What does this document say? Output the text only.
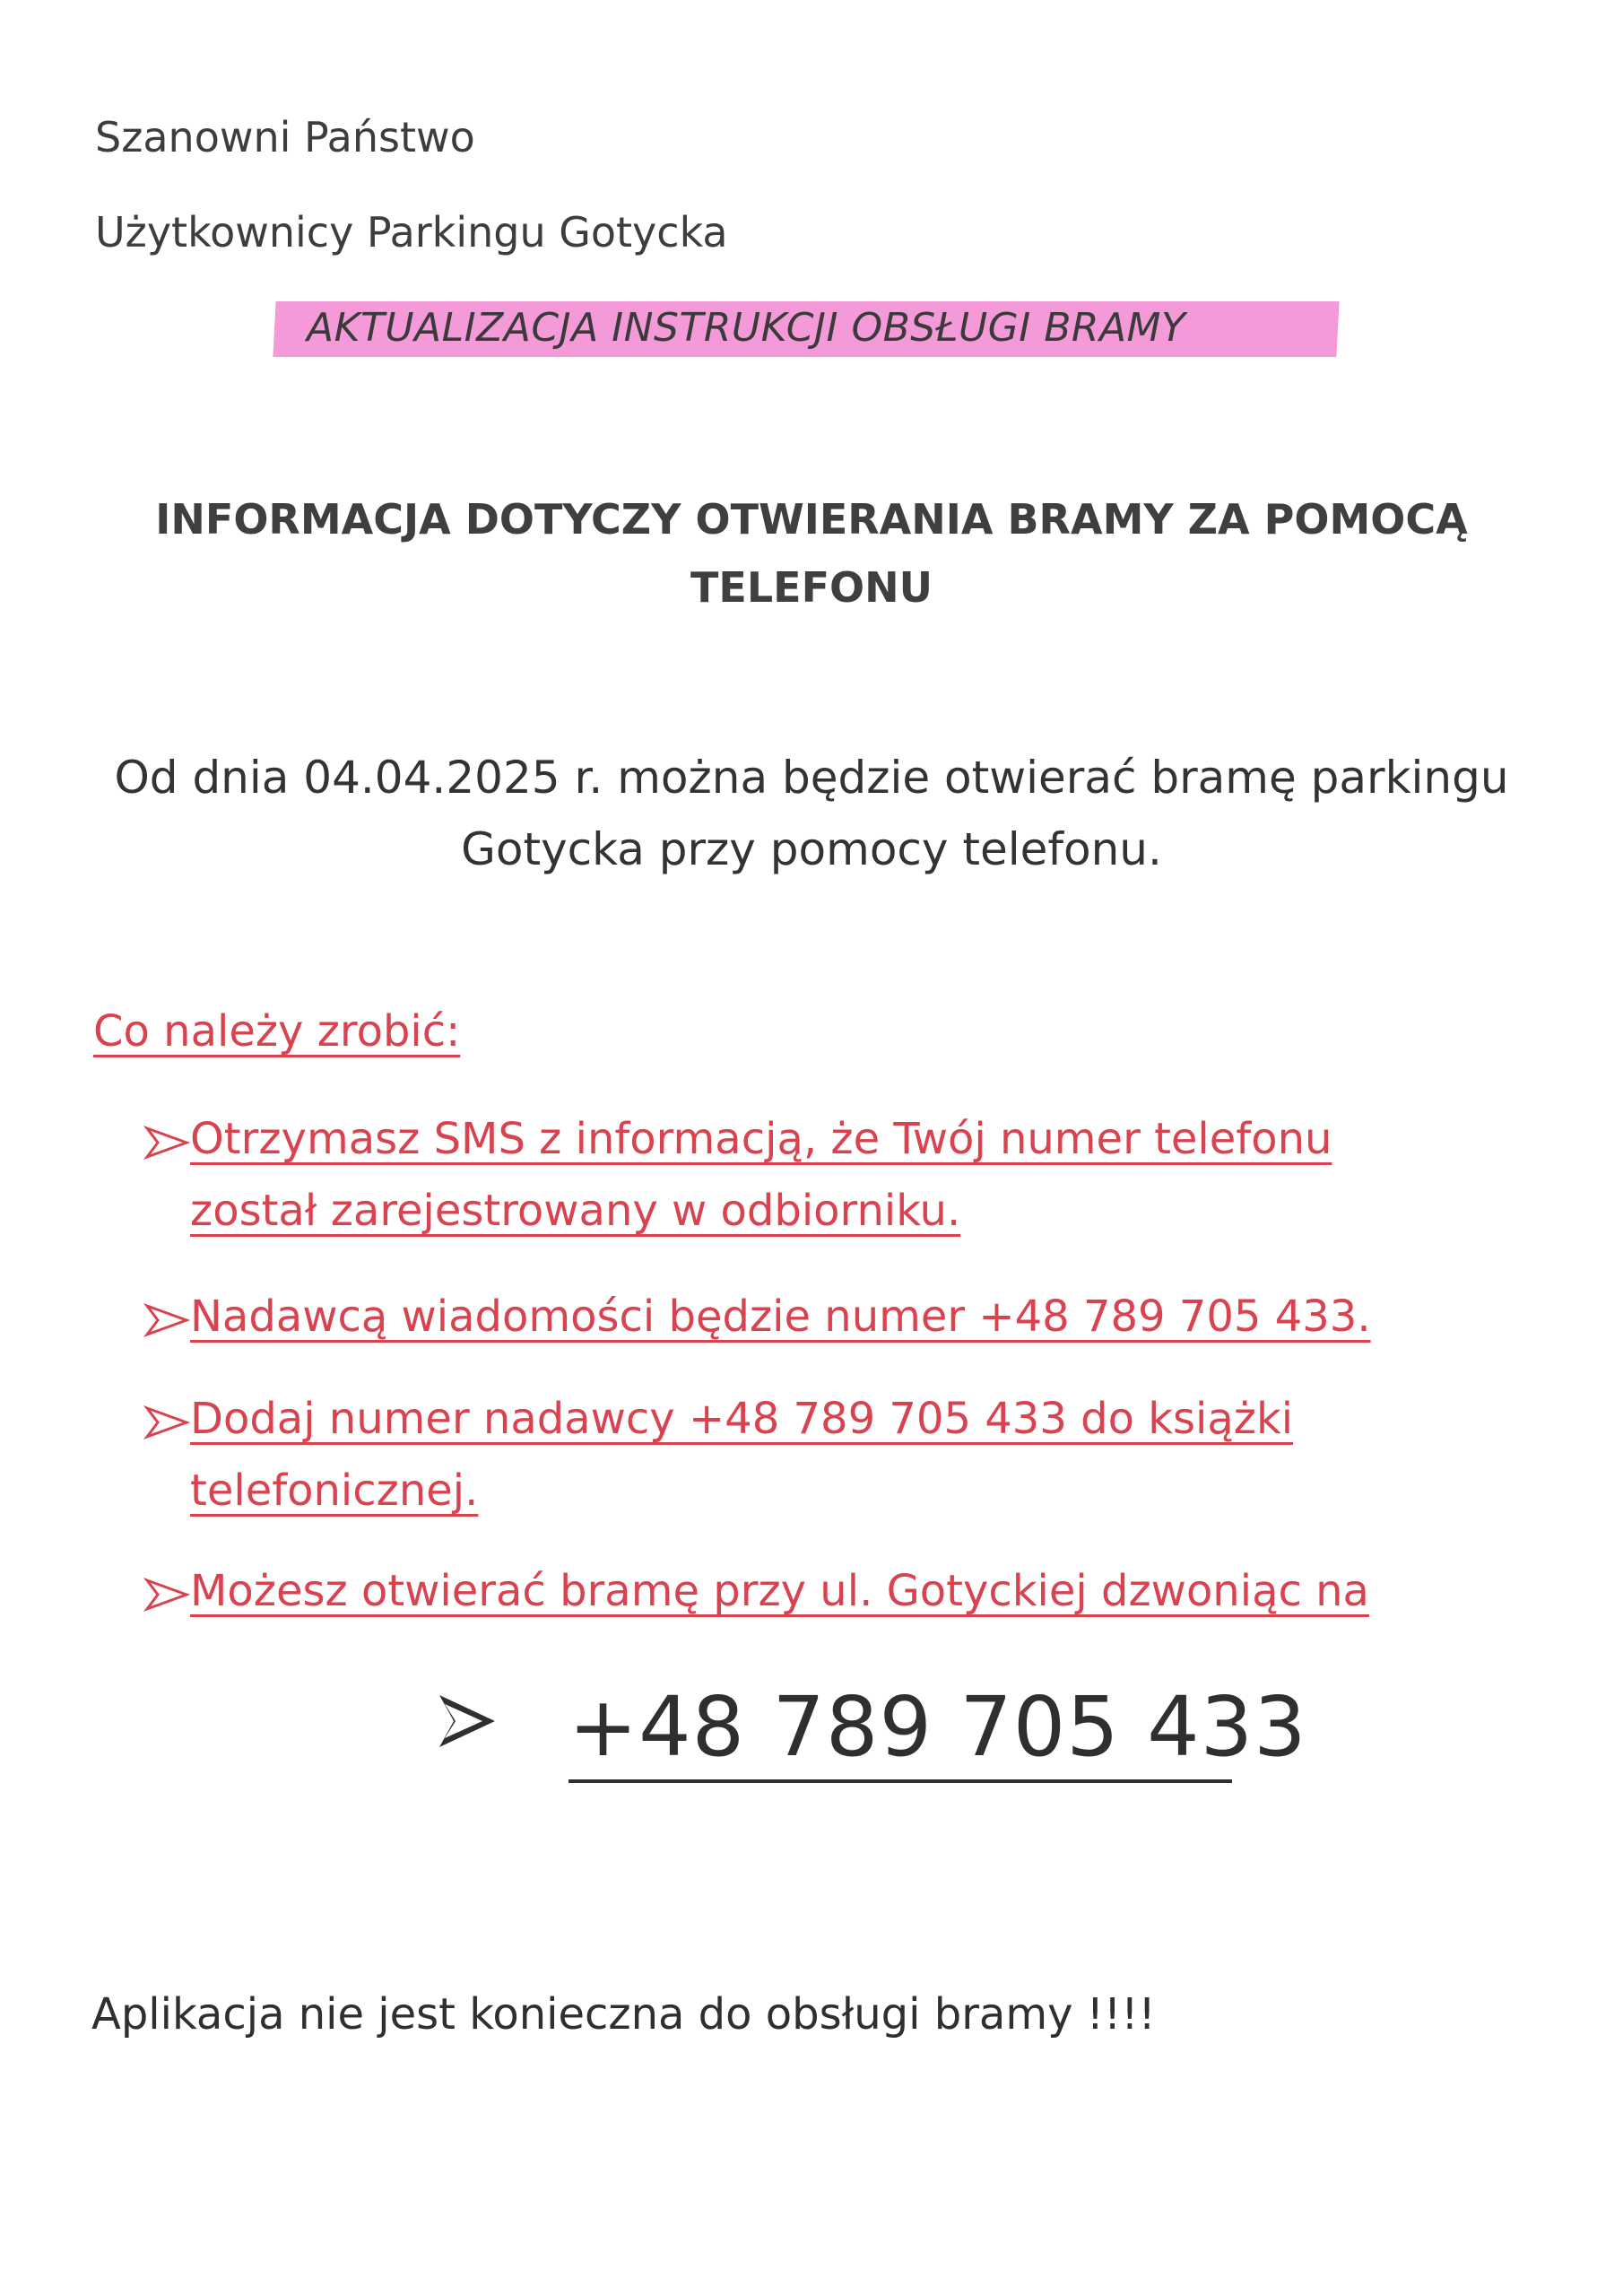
Szanowni Państwo
Użytkownicy Parkingu Gotycka
AKTUALIZACJA INSTRUKCJI OBSŁUGI BRAMY
INFORMACJA DOTYCZY OTWIERANIA BRAMY ZA POMOCĄ
TELEFONU
Od dnia 04.04.2025 r. można będzie otwierać bramę parkingu
Gotycka przy pomocy telefonu.
Co należy zrobić:
Otrzymasz SMS z informacją, że Twój numer telefonu
został zarejestrowany w odbiorniku.
Nadawcą wiadomości będzie numer +48 789 705 433.
Dodaj numer nadawcy +48 789 705 433 do książki
telefonicznej.
Możesz otwierać bramę przy ul. Gotyckiej dzwoniąc na
+48 789 705 433
Aplikacja nie jest konieczna do obsługi bramy !!!!
